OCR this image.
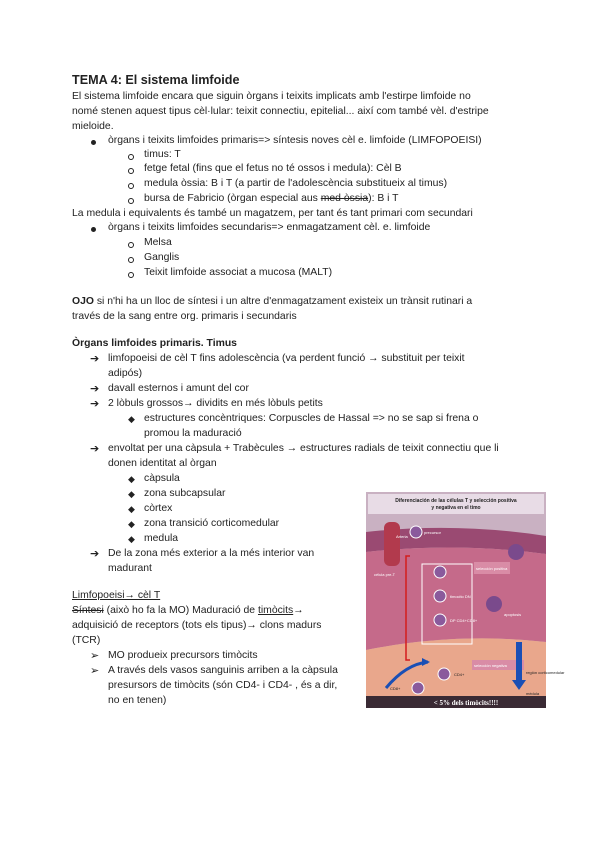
TEMA 4: El sistema limfoide
El sistema limfoide encara que siguin òrgans i teixits implicats amb l'estirpe limfoide no
nomé stenen aquest tipus cèl·lular: teixit connectiu, epitelial... així com també vèl. d'estripe
mieloide.
òrgans i teixits limfoides primaris=> síntesis noves cèl e. limfoide (LIMFOPOEISI)
timus: T
fetge fetal (fins que el fetus no té ossos i medula): Cèl B
medula òssia: B i T (a partir de l'adolescència substitueix al timus)
bursa de Fabricio (òrgan especial aus med òssia): B i T
La medula i equivalents és també un magatzem, per tant és tant primari com secundari
òrgans i teixits limfoides secundaris=> enmagatzament cèl. e. limfoide
Melsa
Ganglis
Teixit limfoide associat a mucosa (MALT)
OJO si n'hi ha un lloc de síntesi i un altre d'enmagatzament existeix un trànsit rutinari a
través de la sang entre org. primaris i secundaris
Òrgans limfoides primaris. Timus
➔ limfopoeisi de cèl T fins adolescència (va perdent funció → substituit per teixit
adipós)
➔ davall esternos i amunt del cor
➔ 2 lòbuls grossos→ dividits en més lòbuls petits
◆ estructures concèntriques: Corpuscles de Hassal => no se sap si frena o
promou la maduració
➔ envoltat per una càpsula + Trabècules → estructures radials de teixit connectiu que li
donen identitat al òrgan
◆ càpsula
◆ zona subcapsular
◆ còrtex
◆ zona transició corticomedular
◆ medula
➔ De la zona més exterior a la més interior van
madurant
Limfopoeisi→ cèl T
Síntesi (això ho fa la MO) Maduració de timòcits→
adquisició de receptors (tots els tipus)→ clons madurs
(TCR)
➢ MO produeix precursors timòcits
➢ A través dels vasos sanguinis arriben a la càpsula
presursors de timòcits (són CD4- i CD4- , és a dir,
no en tenen)
Diferenciación de las células T y selección positiva
y negativa en el timo
Arteria
precursor
célula pre-T
timocito DN
DP CD4+CD8+
selección positiva
selección negativa
CD4+
CD8+
apoptosis
región corticomedular
médula
< 5% dels timòcits!!!!
